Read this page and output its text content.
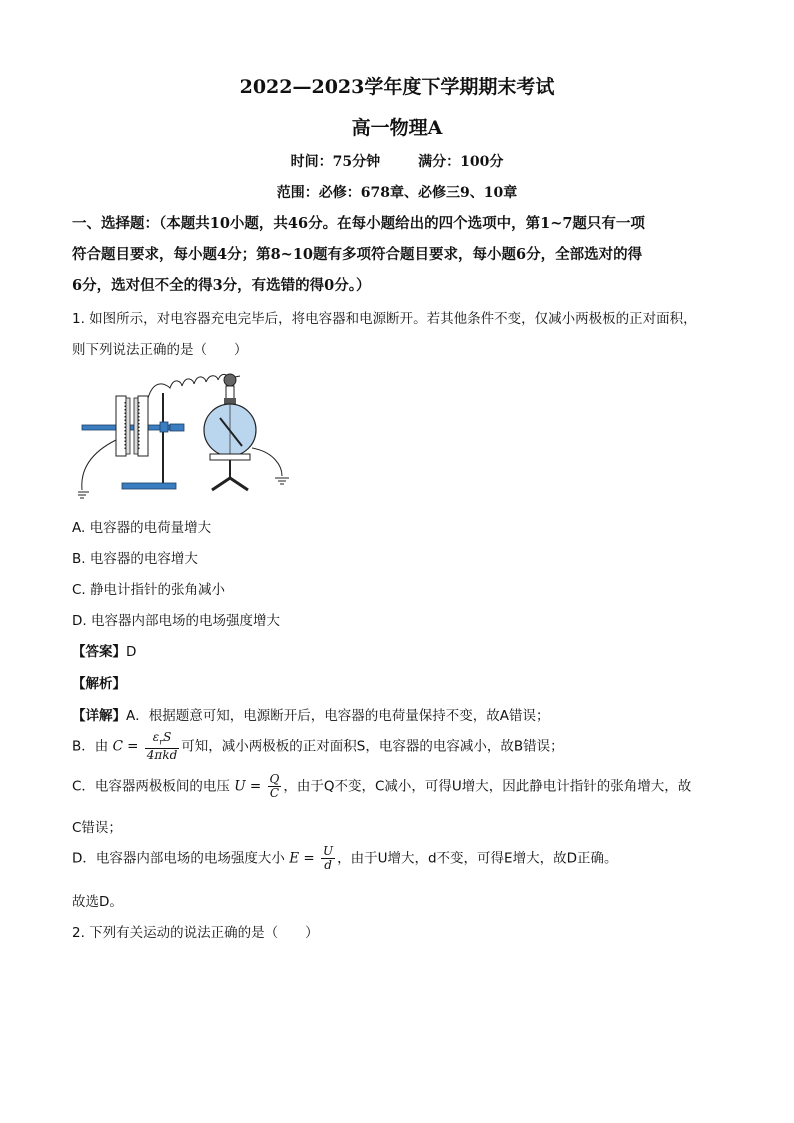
2022—2023学年度下学期期末考试
高一物理A
时间：75分钟	满分：100分
范围：必修：678章、必修三9、10章
一、选择题：（本题共10小题，共46分。在每小题给出的四个选项中，第1~7题只有一项
符合题目要求，每小题4分；第8~10题有多项符合题目要求，每小题6分，全部选对的得
6分，选对但不全的得3分，有选错的得0分。）
1. 如图所示，对电容器充电完毕后，将电容器和电源断开。若其他条件不变，仅减小两极板的正对面积，
则下列说法正确的是（　　）
A. 电容器的电荷量增大
B. 电容器的电容增大
C. 静电计指针的张角减小
D. 电容器内部电场的电场强度增大
【答案】D
【解析】
【详解】A．根据题意可知，电源断开后，电容器的电荷量保持不变，故A错误；
B．由 $C = \frac{\varepsilon_rS}{\text{4πkd}}$ 可知，减小两极板的正对面积S，电容器的电容减小，故B错误；
C．电容器两极板间的电压 $U = \frac{Q}{C}$ ，由于Q不变，C减小，可得U增大，因此静电计指针的张角增大，故
C错误；
D．电容器内部电场的电场强度大小 $E = \frac{U}{d}$ ，由于U增大，d不变，可得E增大，故D正确。
故选D。
2. 下列有关运动的说法正确的是（　　）
